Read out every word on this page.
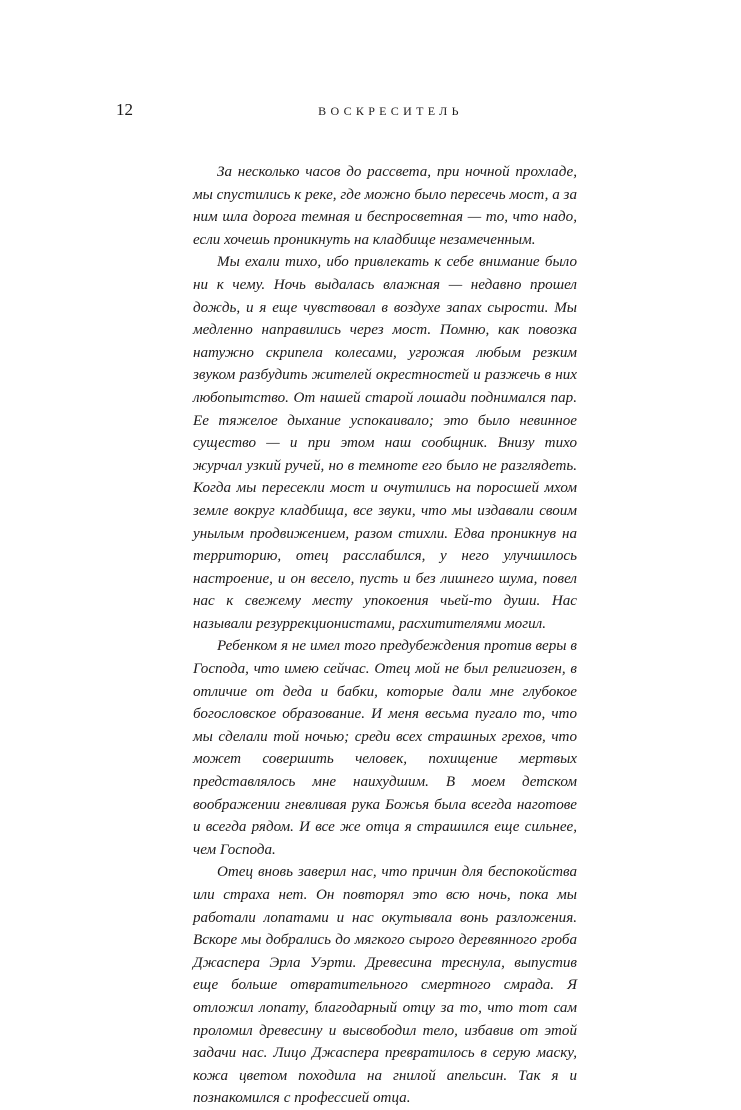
12	ВОСКРЕСИТЕЛЬ

За несколько часов до рассвета, при ночной прохладе, мы спустились к реке, где можно было пересечь мост, а за ним шла дорога темная и беспросветная — то, что надо, если хочешь проникнуть на кладбище незамеченным.

Мы ехали тихо, ибо привлекать к себе внимание было ни к чему. Ночь выдалась влажная — недавно прошел дождь, и я еще чувствовал в воздухе запах сырости. Мы медленно направились через мост. Помню, как повозка натужно скрипела колесами, угрожая любым резким звуком разбудить жителей окрестностей и разжечь в них любопытство. От нашей старой лошади поднимался пар. Ее тяжелое дыхание успокаивало; это было невинное существо — и при этом наш сообщник. Внизу тихо журчал узкий ручей, но в темноте его было не разглядеть. Когда мы пересекли мост и очутились на поросшей мхом земле вокруг кладбища, все звуки, что мы издавали своим унылым продвижением, разом стихли. Едва проникнув на территорию, отец расслабился, у него улучшилось настроение, и он весело, пусть и без лишнего шума, повел нас к свежему месту упокоения чьей-то души. Нас называли резуррекционистами, расхитителями могил.

Ребенком я не имел того предубеждения против веры в Господа, что имею сейчас. Отец мой не был религиозен, в отличие от деда и бабки, которые дали мне глубокое богословское образование. И меня весьма пугало то, что мы сделали той ночью; среди всех страшных грехов, что может совершить человек, похищение мертвых представлялось мне наихудшим. В моем детском воображении гневливая рука Божья была всегда наготове и всегда рядом. И все же отца я страшился еще сильнее, чем Господа.

Отец вновь заверил нас, что причин для беспокойства или страха нет. Он повторял это всю ночь, пока мы работали лопатами и нас окутывала вонь разложения. Вскоре мы добрались до мягкого сырого деревянного гроба Джаспера Эрла Уэрти. Древесина треснула, выпустив еще больше отвратительного смертного смрада. Я отложил лопату, благодарный отцу за то, что тот сам проломил древесину и высвободил тело, избавив от этой задачи нас. Лицо Джаспера превратилось в серую маску, кожа цветом походила на гнилой апельсин. Так я и познакомился с профессией отца.
